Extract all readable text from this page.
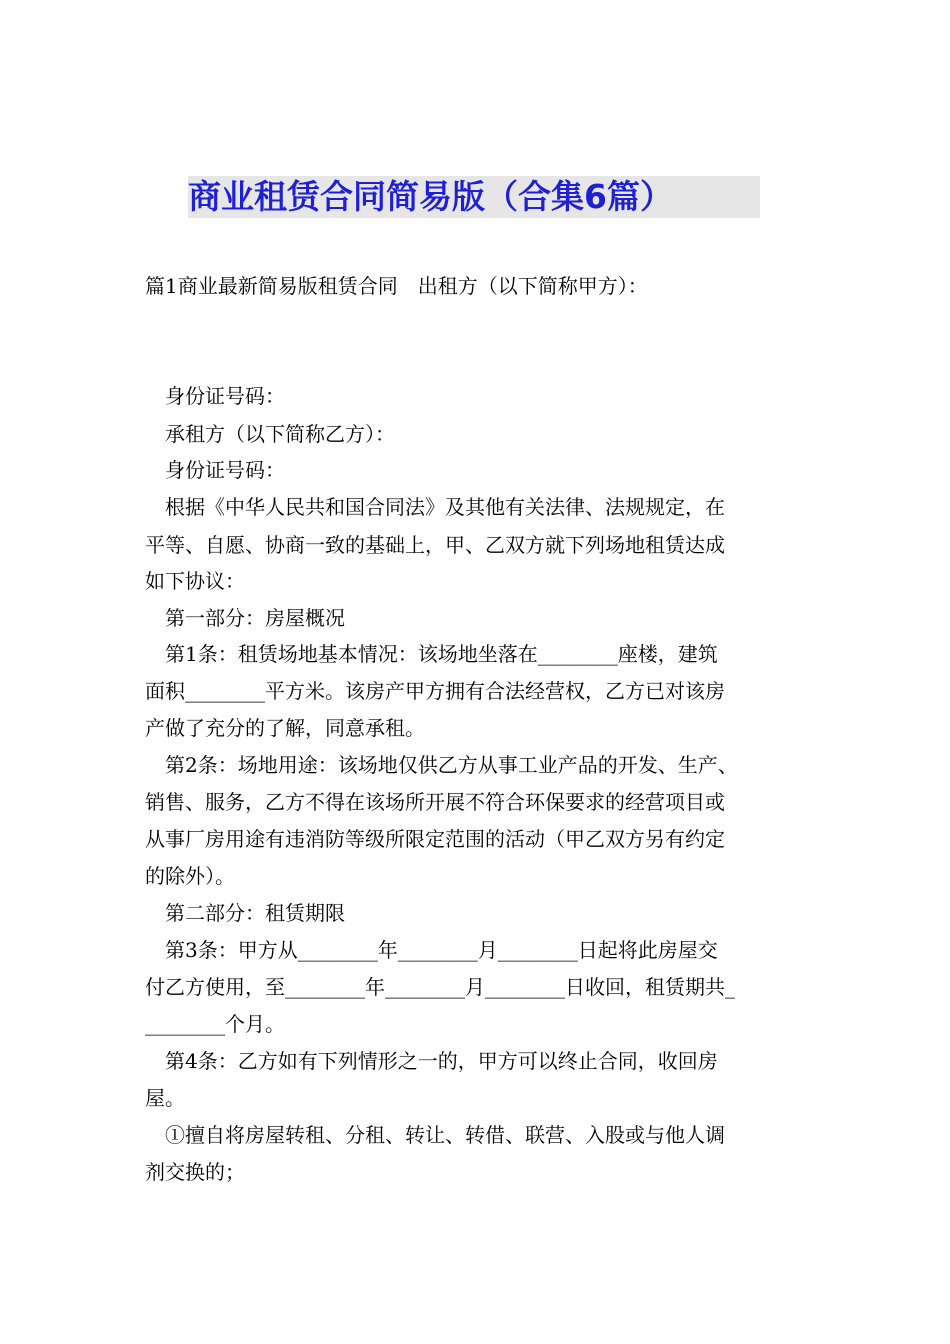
商业租赁合同简易版（合集6篇）
篇1商业最新简易版租赁合同　出租方（以下简称甲方）：
身份证号码：
承租方（以下简称乙方）：
身份证号码：
根据《中华人民共和国合同法》及其他有关法律、法规规定，在
平等、自愿、协商一致的基础上，甲、乙双方就下列场地租赁达成
如下协议：
第一部分：房屋概况
第1条：租赁场地基本情况：该场地坐落在________座楼，建筑
面积________平方米。该房产甲方拥有合法经营权，乙方已对该房
产做了充分的了解，同意承租。
第2条：场地用途：该场地仅供乙方从事工业产品的开发、生产、
销售、服务，乙方不得在该场所开展不符合环保要求的经营项目或
从事厂房用途有违消防等级所限定范围的活动（甲乙双方另有约定
的除外）。
第二部分：租赁期限
第3条：甲方从________年________月________日起将此房屋交
付乙方使用，至________年________月________日收回，租赁期共_
________个月。
第4条：乙方如有下列情形之一的，甲方可以终止合同，收回房
屋。
①擅自将房屋转租、分租、转让、转借、联营、入股或与他人调
剂交换的；
